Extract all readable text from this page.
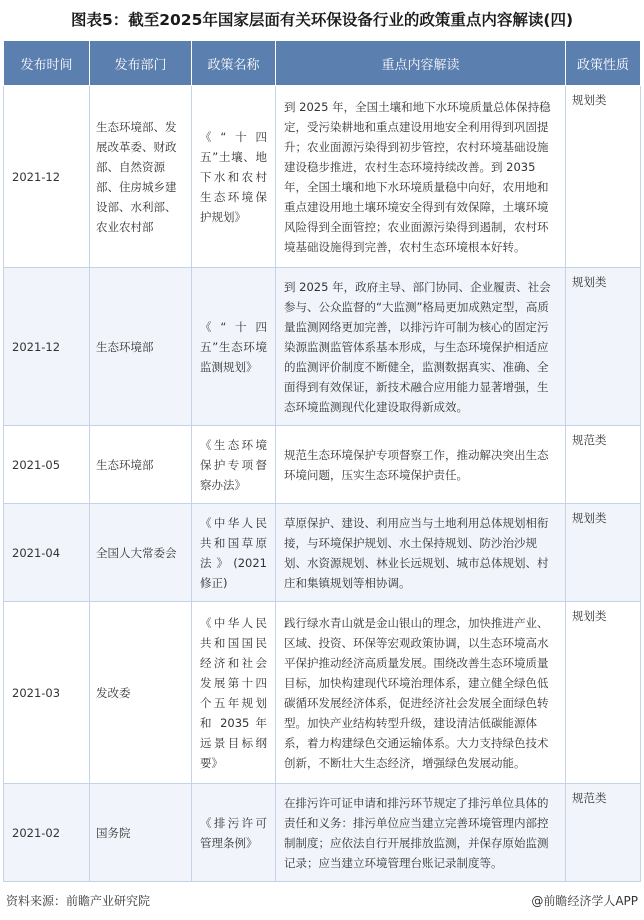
图表5：截至2025年国家层面有关环保设备行业的政策重点内容解读(四)
发布时间	发布部门	政策名称	重点内容解读	政策性质
2021-12	生态环境部、发展改革委、财政部、自然资源部、住房城乡建设部、水利部、农业农村部	《“十四五”土壤、地下水和农村生态环境保护规划》	到 2025 年，全国土壤和地下水环境质量总体保持稳定，受污染耕地和重点建设用地安全利用得到巩固提升；农业面源污染得到初步管控，农村环境基础设施建设稳步推进，农村生态环境持续改善。到 2035 年，全国土壤和地下水环境质量稳中向好，农用地和重点建设用地土壤环境安全得到有效保障，土壤环境风险得到全面管控；农业面源污染得到遏制，农村环境基础设施得到完善，农村生态环境根本好转。	规划类
2021-12	生态环境部	《“十四五”生态环境监测规划》	到 2025 年，政府主导、部门协同、企业履责、社会参与、公众监督的“大监测”格局更加成熟定型，高质量监测网络更加完善，以排污许可制为核心的固定污染源监测监管体系基本形成，与生态环境保护相适应的监测评价制度不断健全，监测数据真实、准确、全面得到有效保证，新技术融合应用能力显著增强，生态环境监测现代化建设取得新成效。	规划类
2021-05	生态环境部	《生态环境保护专项督察办法》	规范生态环境保护专项督察工作，推动解决突出生态环境问题，压实生态环境保护责任。	规范类
2021-04	全国人大常委会	《中华人民共和国草原法》(2021 修正)	草原保护、建设、利用应当与土地利用总体规划相衔接，与环境保护规划、水土保持规划、防沙治沙规划、水资源规划、林业长远规划、城市总体规划、村庄和集镇规划等相协调。	规划类
2021-03	发改委	《中华人民共和国国民经济和社会发展第十四个五年规划和 2035 年远景目标纲要》	践行绿水青山就是金山银山的理念，加快推进产业、区域、投资、环保等宏观政策协调，以生态环境高水平保护推动经济高质量发展。围绕改善生态环境质量目标，加快构建现代环境治理体系，建立健全绿色低碳循环发展经济体系，促进经济社会发展全面绿色转型。加快产业结构转型升级，建设清洁低碳能源体系，着力构建绿色交通运输体系。大力支持绿色技术创新，不断壮大生态经济，增强绿色发展动能。	规划类
2021-02	国务院	《排污许可管理条例》	在排污许可证申请和排污环节规定了排污单位具体的责任和义务：排污单位应当建立完善环境管理内部控制制度；应依法自行开展排放监测，并保存原始监测记录；应当建立环境管理台账记录制度等。	规范类
资料来源：前瞻产业研究院	@前瞻经济学人APP
